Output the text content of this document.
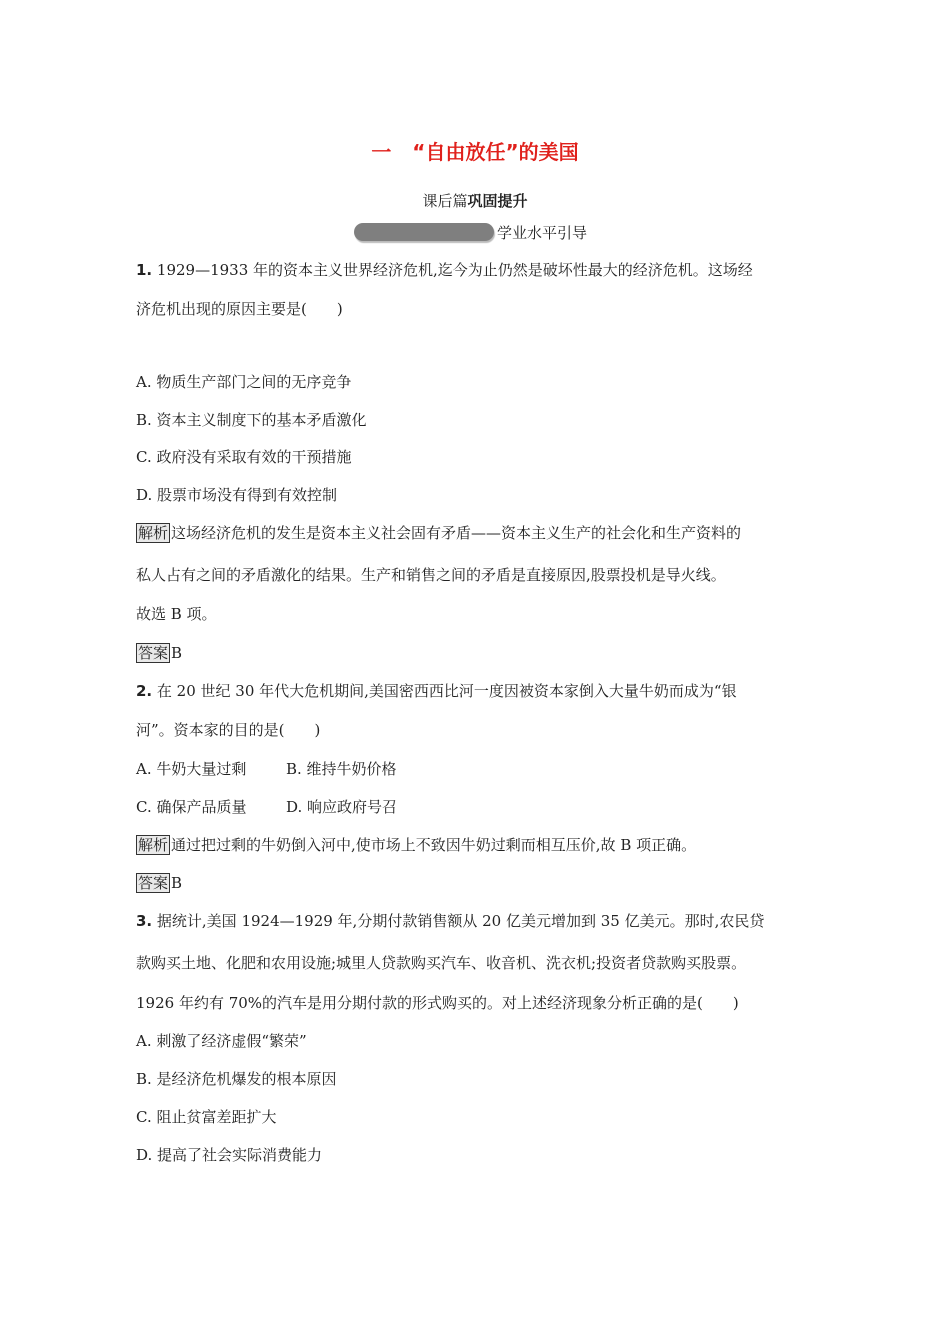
一   “自由放任”的美国
课后篇巩固提升
学业水平引导
1. 1929—1933 年的资本主义世界经济危机,迄今为止仍然是破坏性最大的经济危机。这场经
济危机出现的原因主要是(　　)
A. 物质生产部门之间的无序竞争
B. 资本主义制度下的基本矛盾激化
C. 政府没有采取有效的干预措施
D. 股票市场没有得到有效控制
解析 这场经济危机的发生是资本主义社会固有矛盾——资本主义生产的社会化和生产资料的
私人占有之间的矛盾激化的结果。生产和销售之间的矛盾是直接原因,股票投机是导火线。
故选 B 项。
答案 B
2. 在 20 世纪 30 年代大危机期间,美国密西西比河一度因被资本家倒入大量牛奶而成为“银
河”。资本家的目的是(　　)
A. 牛奶大量过剩	B. 维持牛奶价格
C. 确保产品质量	D. 响应政府号召
解析 通过把过剩的牛奶倒入河中,使市场上不致因牛奶过剩而相互压价,故 B 项正确。
答案 B
3. 据统计,美国 1924—1929 年,分期付款销售额从 20 亿美元增加到 35 亿美元。那时,农民贷
款购买土地、化肥和农用设施;城里人贷款购买汽车、收音机、洗衣机;投资者贷款购买股票。
1926 年约有 70%的汽车是用分期付款的形式购买的。对上述经济现象分析正确的是(　　)
A. 刺激了经济虚假“繁荣”
B. 是经济危机爆发的根本原因
C. 阻止贫富差距扩大
D. 提高了社会实际消费能力
